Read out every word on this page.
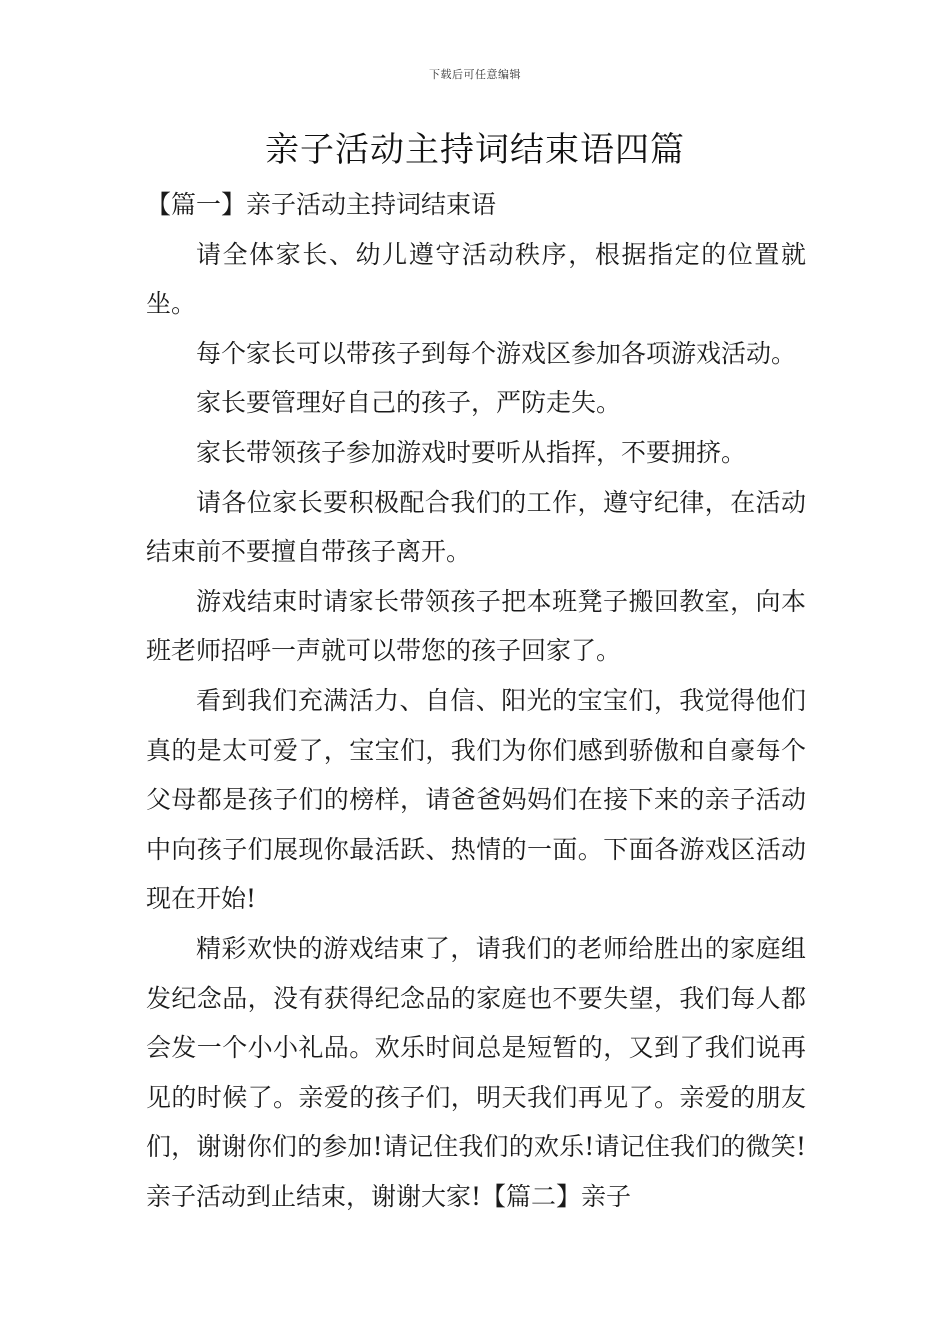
下载后可任意编辑
亲子活动主持词结束语四篇

【篇一】亲子活动主持词结束语

请全体家长、幼儿遵守活动秩序，根据指定的位置就坐。

每个家长可以带孩子到每个游戏区参加各项游戏活动。

家长要管理好自己的孩子，严防走失。

家长带领孩子参加游戏时要听从指挥，不要拥挤。

请各位家长要积极配合我们的工作，遵守纪律，在活动结束前不要擅自带孩子离开。

游戏结束时请家长带领孩子把本班凳子搬回教室，向本班老师招呼一声就可以带您的孩子回家了。

看到我们充满活力、自信、阳光的宝宝们，我觉得他们真的是太可爱了，宝宝们，我们为你们感到骄傲和自豪每个父母都是孩子们的榜样，请爸爸妈妈们在接下来的亲子活动中向孩子们展现你最活跃、热情的一面。下面各游戏区活动现在开始!

精彩欢快的游戏结束了，请我们的老师给胜出的家庭组发纪念品，没有获得纪念品的家庭也不要失望，我们每人都会发一个小小礼品。欢乐时间总是短暂的，又到了我们说再见的时候了。亲爱的孩子们，明天我们再见了。亲爱的朋友们，谢谢你们的参加!请记住我们的欢乐!请记住我们的微笑!亲子活动到止结束，谢谢大家!【篇二】亲子
